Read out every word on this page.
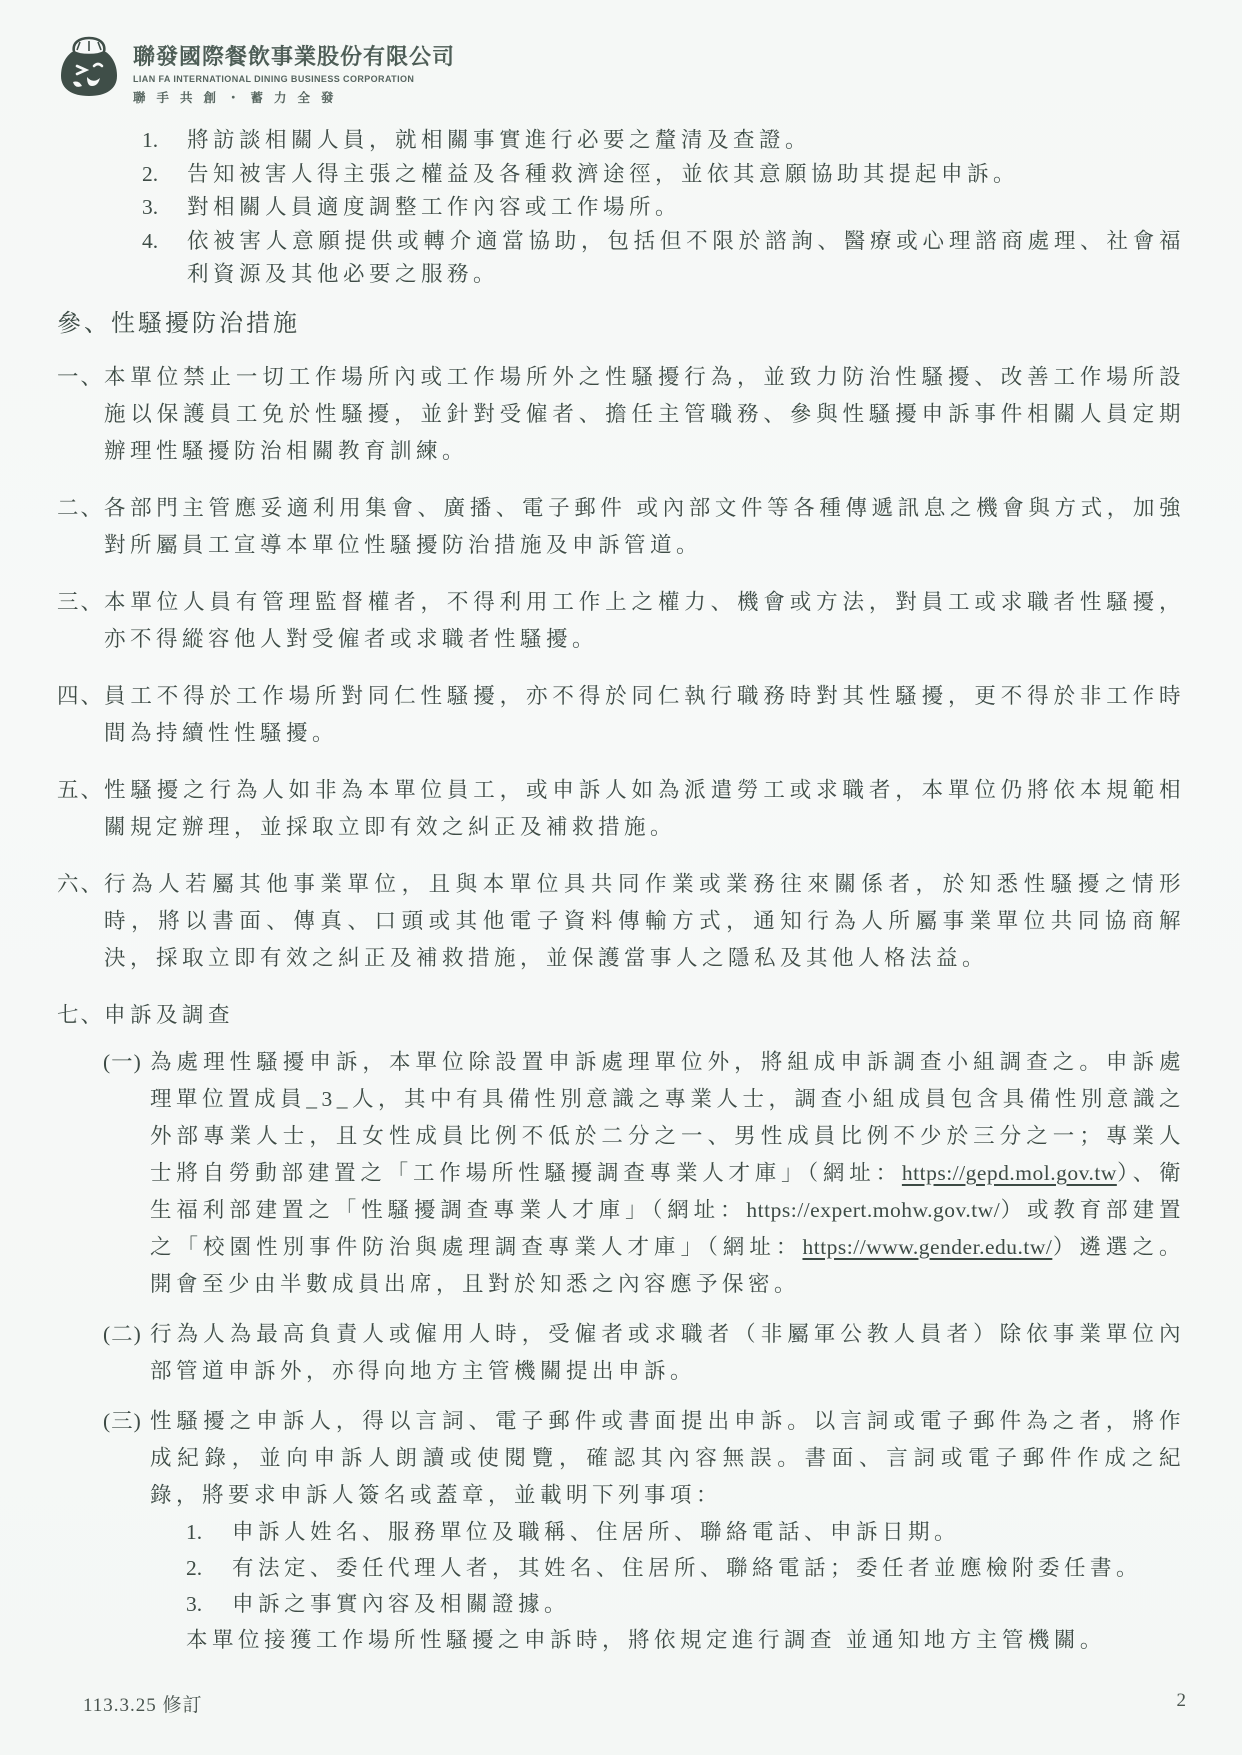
聯發國際餐飲事業股份有限公司
LIAN FA INTERNATIONAL DINING BUSINESS CORPORATION
聯手共創・蓄力全發
1.	將訪談相關人員，就相關事實進行必要之釐清及查證。
2.	告知被害人得主張之權益及各種救濟途徑，並依其意願協助其提起申訴。
3.	對相關人員適度調整工作內容或工作場所。
4.	依被害人意願提供或轉介適當協助，包括但不限於諮詢、醫療或心理諮商處理、社會福利資源及其他必要之服務。
參、性騷擾防治措施
一、 本單位禁止一切工作場所內或工作場所外之性騷擾行為，並致力防治性騷擾、改善工作場所設施以保護員工免於性騷擾，並針對受僱者、擔任主管職務、參與性騷擾申訴事件相關人員定期辦理性騷擾防治相關教育訓練。
二、 各部門主管應妥適利用集會、廣播、電子郵件 或內部文件等各種傳遞訊息之機會與方式，加強對所屬員工宣導本單位性騷擾防治措施及申訴管道。
三、 本單位人員有管理監督權者，不得利用工作上之權力、機會或方法，對員工或求職者性騷擾，亦不得縱容他人對受僱者或求職者性騷擾。
四、 員工不得於工作場所對同仁性騷擾，亦不得於同仁執行職務時對其性騷擾，更不得於非工作時間為持續性性騷擾。
五、 性騷擾之行為人如非為本單位員工，或申訴人如為派遣勞工或求職者，本單位仍將依本規範相關規定辦理，並採取立即有效之糾正及補救措施。
六、 行為人若屬其他事業單位，且與本單位具共同作業或業務往來關係者，於知悉性騷擾之情形時，將以書面、傳真、口頭或其他電子資料傳輸方式，通知行為人所屬事業單位共同協商解決，採取立即有效之糾正及補救措施，並保護當事人之隱私及其他人格法益。
七、 申訴及調查
(一) 為處理性騷擾申訴，本單位除設置申訴處理單位外，將組成申訴調查小組調查之。申訴處理單位置成員_3_人，其中有具備性別意識之專業人士，調查小組成員包含具備性別意識之外部專業人士，且女性成員比例不低於二分之一、男性成員比例不少於三分之一；專業人士將自勞動部建置之「工作場所性騷擾調查專業人才庫」（網址：https://gepd.mol.gov.tw）、衛生福利部建置之「性騷擾調查專業人才庫」（網址：https://expert.mohw.gov.tw/）或教育部建置之「校園性別事件防治與處理調查專業人才庫」（網址：https://www.gender.edu.tw/）遴選之。開會至少由半數成員出席，且對於知悉之內容應予保密。
(二) 行為人為最高負責人或僱用人時，受僱者或求職者（非屬軍公教人員者）除依事業單位內部管道申訴外，亦得向地方主管機關提出申訴。
(三) 性騷擾之申訴人，得以言詞、電子郵件或書面提出申訴。以言詞或電子郵件為之者，將作成紀錄，並向申訴人朗讀或使閱覽，確認其內容無誤。書面、言詞或電子郵件作成之紀錄，將要求申訴人簽名或蓋章，並載明下列事項：
1.	申訴人姓名、服務單位及職稱、住居所、聯絡電話、申訴日期。
2.	有法定、委任代理人者，其姓名、住居所、聯絡電話；委任者並應檢附委任書。
3.	申訴之事實內容及相關證據。
本單位接獲工作場所性騷擾之申訴時，將依規定進行調查 並通知地方主管機關。
113.3.25 修訂	2
